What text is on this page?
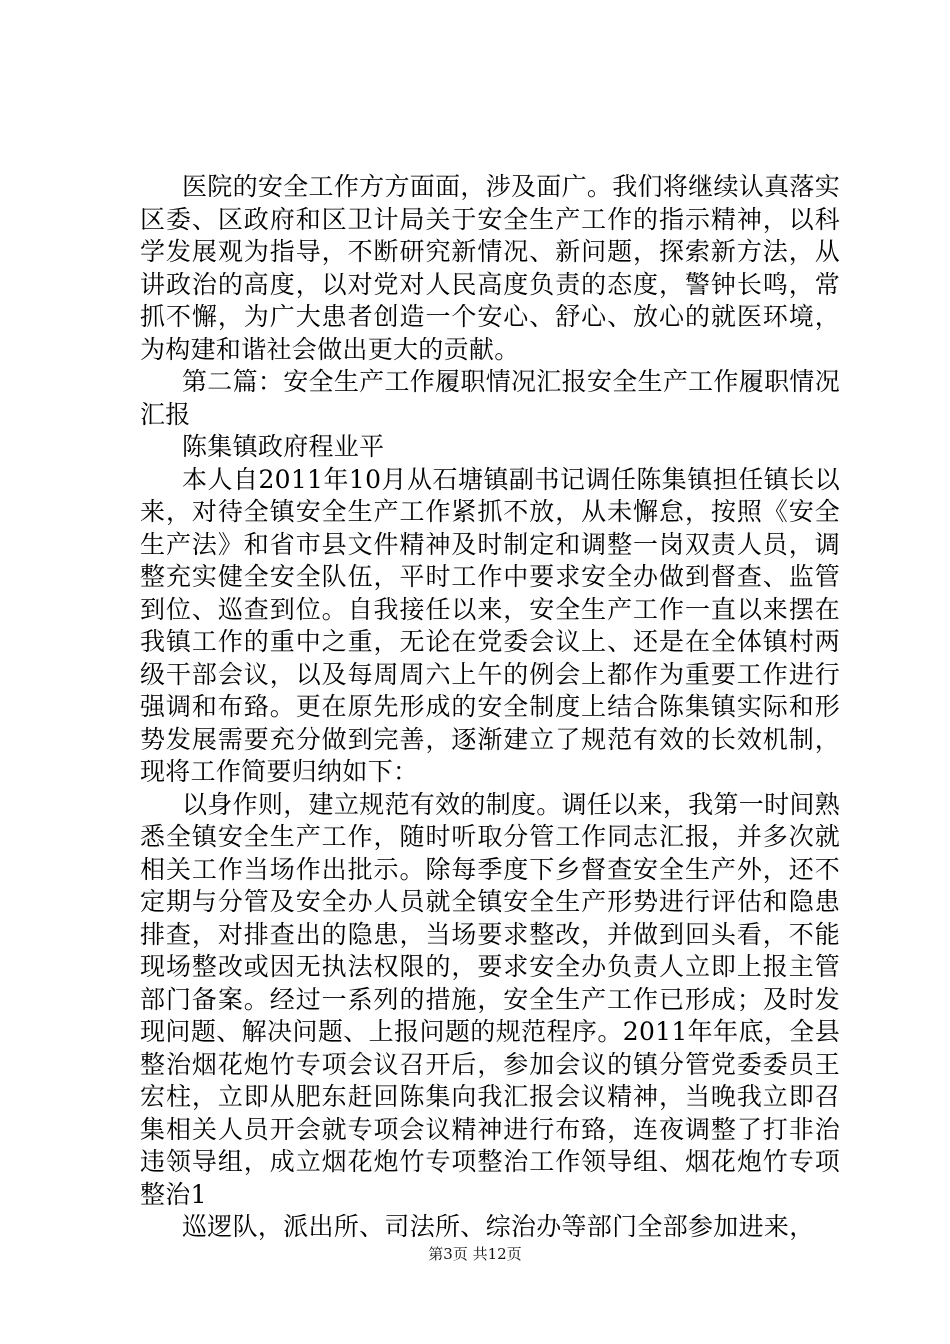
医院的安全工作方方面面，涉及面广。我们将继续认真落实区委、区政府和区卫计局关于安全生产工作的指示精神，以科学发展观为指导，不断研究新情况、新问题，探索新方法，从讲政治的高度，以对党对人民高度负责的态度，警钟长鸣，常抓不懈，为广大患者创造一个安心、舒心、放心的就医环境，为构建和谐社会做出更大的贡献。

第二篇：安全生产工作履职情况汇报安全生产工作履职情况汇报

陈集镇政府程业平

本人自2011年10月从石塘镇副书记调任陈集镇担任镇长以来，对待全镇安全生产工作紧抓不放，从未懈怠，按照《安全生产法》和省市县文件精神及时制定和调整一岗双责人员，调整充实健全安全队伍，平时工作中要求安全办做到督查、监管到位、巡查到位。自我接任以来，安全生产工作一直以来摆在我镇工作的重中之重，无论在党委会议上、还是在全体镇村两级干部会议，以及每周周六上午的例会上都作为重要工作进行强调和布臵。更在原先形成的安全制度上结合陈集镇实际和形势发展需要充分做到完善，逐渐建立了规范有效的长效机制，现将工作简要归纳如下：

以身作则，建立规范有效的制度。调任以来，我第一时间熟悉全镇安全生产工作，随时听取分管工作同志汇报，并多次就相关工作当场作出批示。除每季度下乡督查安全生产外，还不定期与分管及安全办人员就全镇安全生产形势进行评估和隐患排查，对排查出的隐患，当场要求整改，并做到回头看，不能现场整改或因无执法权限的，要求安全办负责人立即上报主管部门备案。经过一系列的措施，安全生产工作已形成；及时发现问题、解决问题、上报问题的规范程序。2011年年底，全县整治烟花炮竹专项会议召开后，参加会议的镇分管党委委员王宏柱，立即从肥东赶回陈集向我汇报会议精神，当晚我立即召集相关人员开会就专项会议精神进行布臵，连夜调整了打非治违领导组，成立烟花炮竹专项整治工作领导组、烟花炮竹专项整治1

巡逻队，派出所、司法所、综治办等部门全部参加进来，

第3页 共12页
